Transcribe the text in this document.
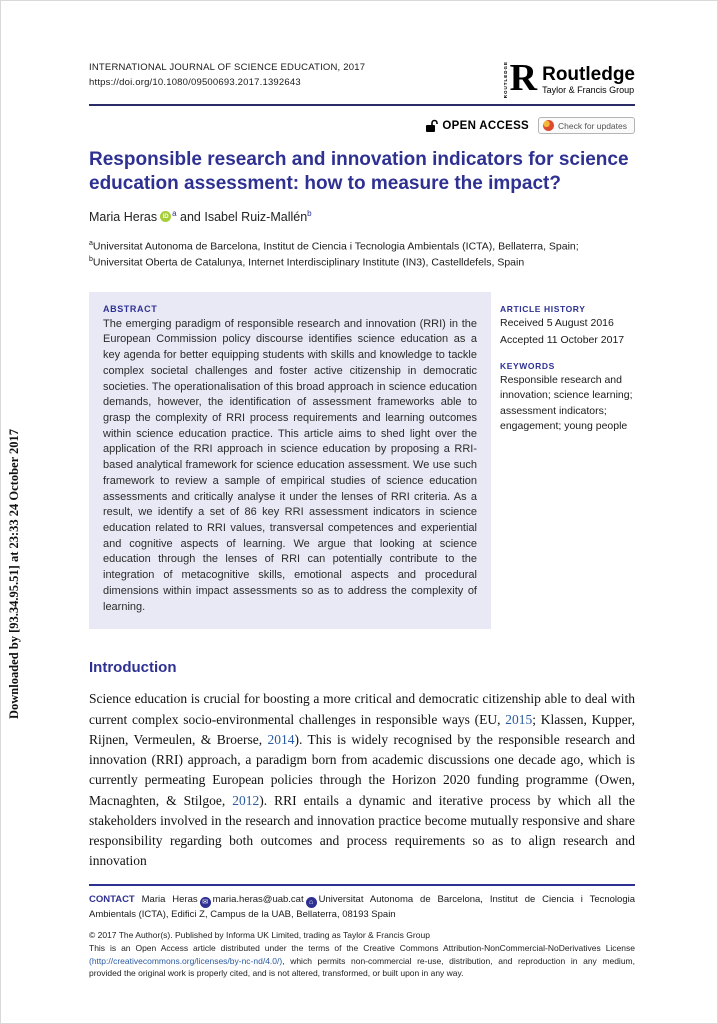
Downloaded by [93.34.95.51] at 23:33 24 October 2017
INTERNATIONAL JOURNAL OF SCIENCE EDUCATION, 2017
https://doi.org/10.1080/09500693.2017.1392643	ROUTLEDGE R Routledge
Taylor & Francis Group
OPEN ACCESS	Check for updates
Responsible research and innovation indicators for science education assessment: how to measure the impact?
Maria Heras iD $^a$ and Isabel Ruiz-Mallén$^b$
$^a$Universitat Autonoma de Barcelona, Institut de Ciencia i Tecnologia Ambientals (ICTA), Bellaterra, Spain;
$^b$Universitat Oberta de Catalunya, Internet Interdisciplinary Institute (IN3), Castelldefels, Spain
ABSTRACT

The emerging paradigm of responsible research and innovation (RRI) in the European Commission policy discourse identifies science education as a key agenda for better equipping students with skills and knowledge to tackle complex societal challenges and foster active citizenship in democratic societies. The operationalisation of this broad approach in science education demands, however, the identification of assessment frameworks able to grasp the complexity of RRI process requirements and learning outcomes within science education practice. This article aims to shed light over the application of the RRI approach in science education by proposing a RRI-based analytical framework for science education assessment. We use such framework to review a sample of empirical studies of science education assessments and critically analyse it under the lenses of RRI criteria. As a result, we identify a set of 86 key RRI assessment indicators in science education related to RRI values, transversal competences and experiential and cognitive aspects of learning. We argue that looking at science education through the lenses of RRI can potentially contribute to the integration of metacognitive skills, emotional aspects and procedural dimensions within impact assessments so as to address the complexity of learning.

ARTICLE HISTORY
Received 5 August 2016
Accepted 11 October 2017
KEYWORDS
Responsible research and innovation; science learning; assessment indicators; engagement; young people
Introduction

Science education is crucial for boosting a more critical and democratic citizenship able to deal with current complex socio-environmental challenges in responsible ways (EU, 2015; Klassen, Kupper, Rijnen, Vermeulen, & Broerse, 2014). This is widely recognised by the responsible research and innovation (RRI) approach, a paradigm born from academic discussions one decade ago, which is currently permeating European policies through the Horizon 2020 funding programme (Owen, Macnaghten, & Stilgoe, 2012). RRI entails a dynamic and iterative process by which all the stakeholders involved in the research and innovation practice become mutually responsive and share responsibility regarding both outcomes and process requirements so as to align research and innovation

CONTACT Maria Heras ✉ maria.heras@uab.cat ⌂ Universitat Autonoma de Barcelona, Institut de Ciencia i Tecnologia Ambientals (ICTA), Edifici Z, Campus de la UAB, Bellaterra, 08193 Spain
© 2017 The Author(s). Published by Informa UK Limited, trading as Taylor & Francis Group
This is an Open Access article distributed under the terms of the Creative Commons Attribution-NonCommercial-NoDerivatives License (http://creativecommons.org/licenses/by-nc-nd/4.0/), which permits non-commercial re-use, distribution, and reproduction in any medium, provided the original work is properly cited, and is not altered, transformed, or built upon in any way.
